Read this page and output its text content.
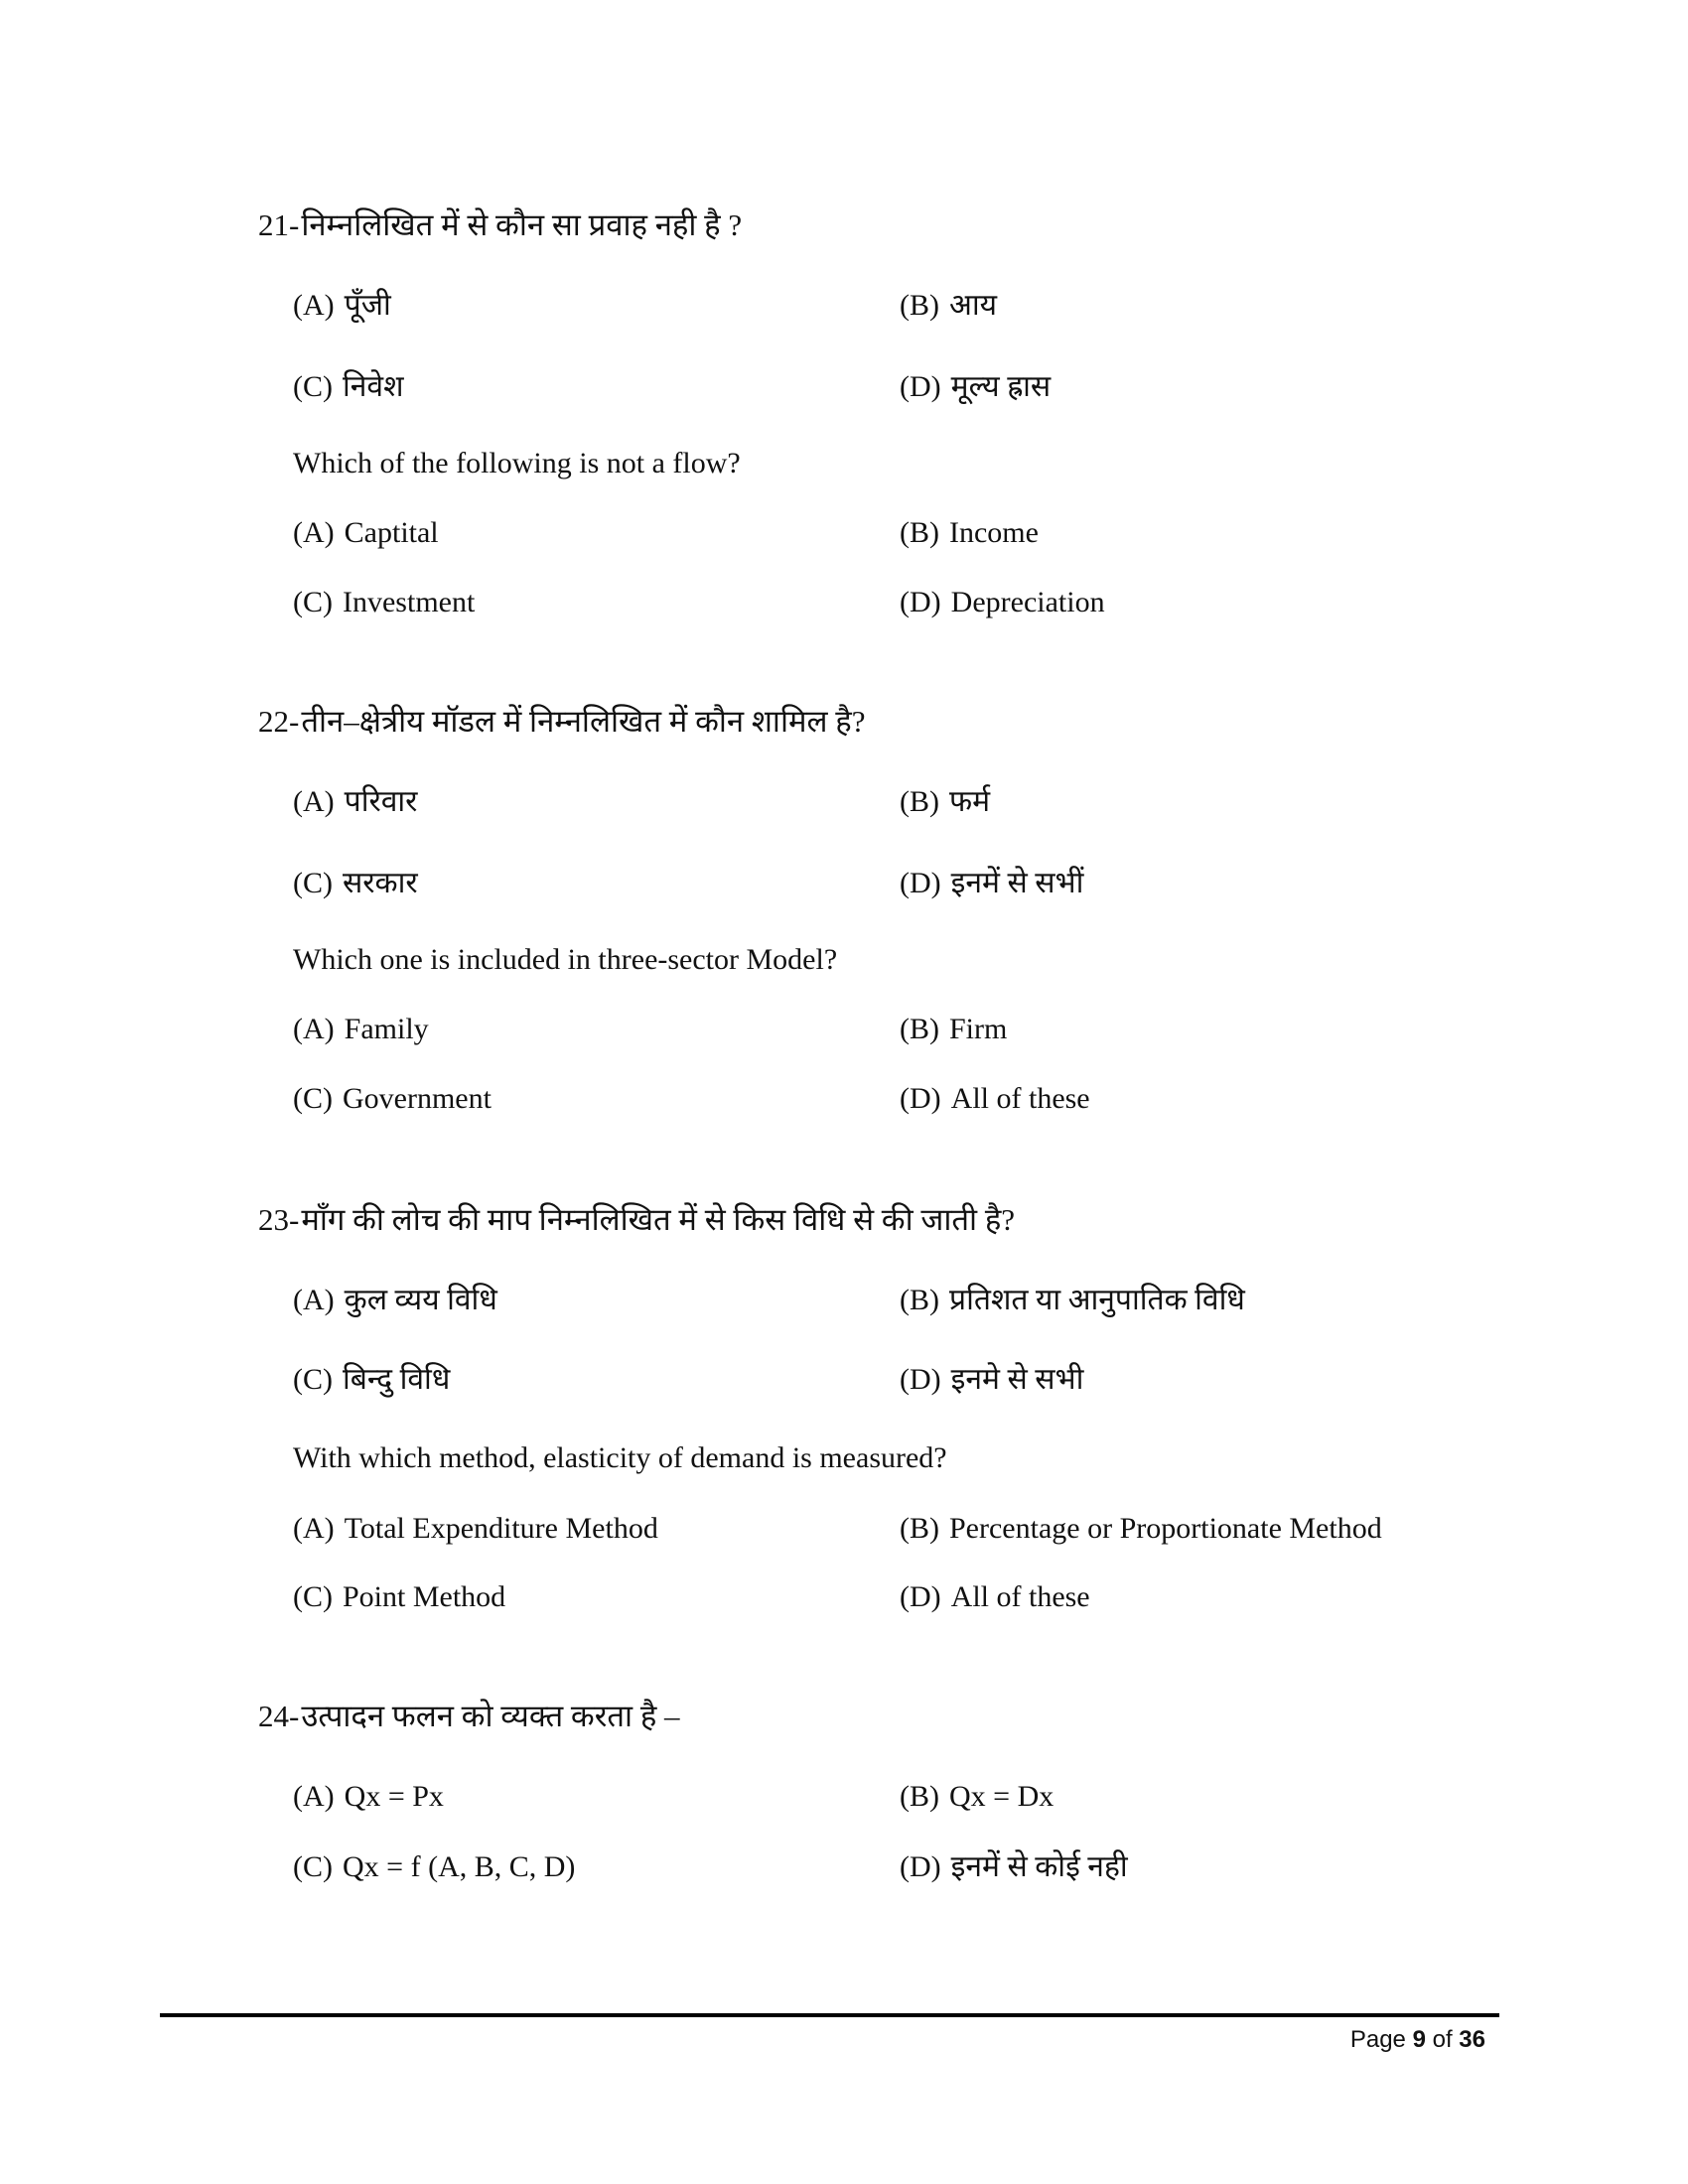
21-निम्नलिखित में से कौन सा प्रवाह नही है ?
(A) पूँजी	(B) आय
(C) निवेश	(D) मूल्य ह्रास
Which of the following is not a flow?
(A) Captital	(B) Income
(C) Investment	(D) Depreciation
22-तीन–क्षेत्रीय मॉडल में निम्नलिखित में कौन शामिल है?
(A) परिवार	(B) फर्म
(C) सरकार	(D) इनमें से सभीं
Which one is included in three-sector Model?
(A) Family	(B) Firm
(C) Government	(D) All of these
23-माँग की लोच की माप निम्नलिखित में से किस विधि से की जाती है?
(A) कुल व्यय विधि	(B) प्रतिशत या आनुपातिक विधि
(C) बिन्दु विधि	(D) इनमे से सभी
With which method, elasticity of demand is measured?
(A) Total Expenditure Method	(B) Percentage or Proportionate Method
(C) Point Method	(D) All of these
24-उत्पादन फलन को व्यक्त करता है –
(A) Qx = Px	(B) Qx = Dx
(C) Qx = f (A, B, C, D)	(D) इनमें से कोई नही
Page 9 of 36
